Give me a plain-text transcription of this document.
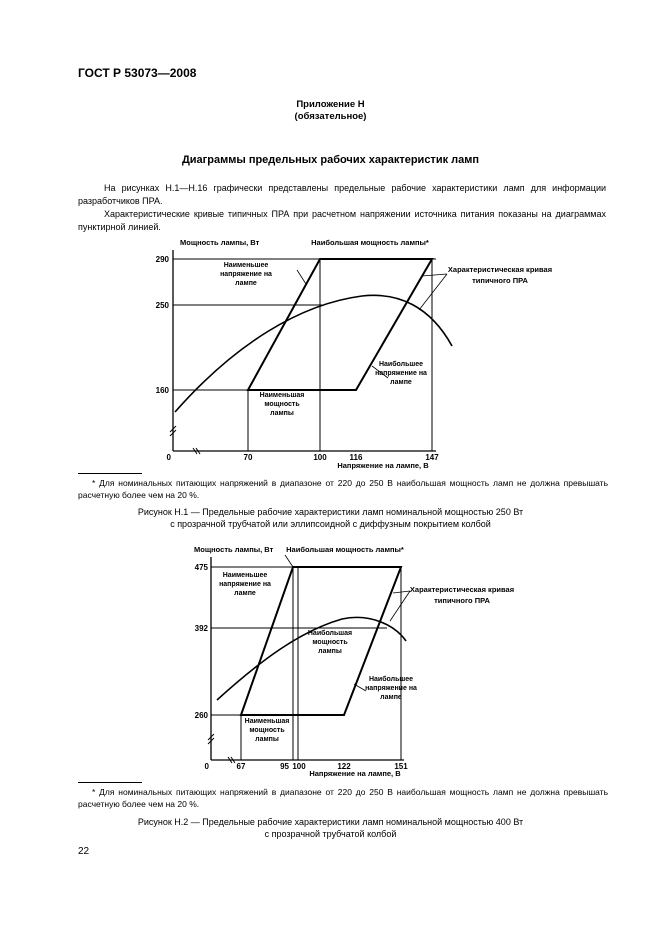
ГОСТ Р 53073—2008
Приложение Н
(обязательное)
Диаграммы предельных рабочих характеристик ламп
На рисунках Н.1—Н.16 графически представлены предельные рабочие характеристики ламп для информации разработчиков ПРА.
Характеристические кривые типичных ПРА при расчетном напряжении источника питания показаны на диаграммах пунктирной линией.
Мощность лампы, Вт	Наибольшая мощность лампы*
Напряжение на лампе, В
290
250
160
0	70	100	116	147
Наименьшее напряжение на лампе
Наименьшая мощность лампы
Наибольшее напряжение на лампе
Характеристическая кривая типичного ПРА
* Для номинальных питающих напряжений в диапазоне от 220 до 250 В наибольшая мощность ламп не должна превышать расчетную более чем на 20 %.
Рисунок Н.1 — Предельные рабочие характеристики ламп номинальной мощностью 250 Вт
с прозрачной трубчатой или эллипсоидной с диффузным покрытием колбой
Мощность лампы, Вт Наибольшая мощность лампы*
Напряжение на лампе, В
475
392
260
0	67	95 100	122	151
Наименьшее напряжение на лампе
Наибольшая мощность лампы
Наименьшая мощность лампы
Наибольшее напряжение на лампе
Характеристическая кривая типичного ПРА
* Для номинальных питающих напряжений в диапазоне от 220 до 250 В наибольшая мощность ламп не должна превышать расчетную более чем на 20 %.
Рисунок Н.2 — Предельные рабочие характеристики ламп номинальной мощностью 400 Вт
с прозрачной трубчатой колбой
22
